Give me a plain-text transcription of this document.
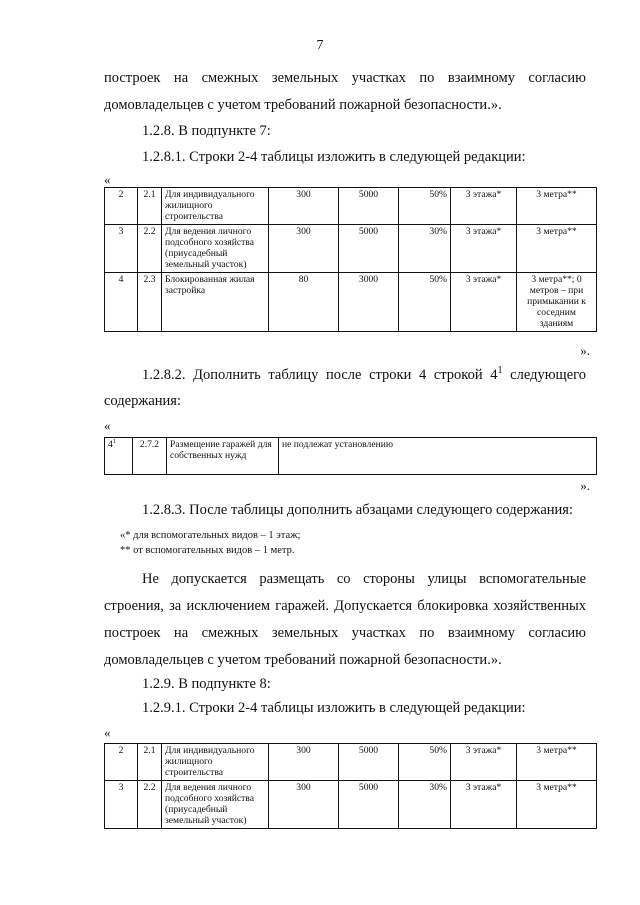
7
построек на смежных земельных участках по взаимному согласию
домовладельцев с учетом требований пожарной безопасности.».
1.2.8. В подпункте 7:
1.2.8.1. Строки 2-4 таблицы изложить в следующей редакции:
«
2	2.1	Для индивидуального жилищного строительства	300	5000	50%	3 этажа*	3 метра**
3	2.2	Для ведения личного подсобного хозяйства (приусадебный земельный участок)	300	5000	30%	3 этажа*	3 метра**
4	2.3	Блокированная жилая застройка	80	3000	50%	3 этажа*	3 метра**; 0 метров – при примыкании к соседним зданиям
».
1.2.8.2. Дополнить таблицу после строки 4 строкой $4^1$ следующего
содержания:
«
$4^1$	2.7.2	Размещение гаражей для собственных нужд	не подлежат установлению
».
1.2.8.3. После таблицы дополнить абзацами следующего содержания:
«* для вспомогательных видов – 1 этаж;
** от вспомогательных видов – 1 метр.
Не допускается размещать со стороны улицы вспомогательные
строения, за исключением гаражей. Допускается блокировка хозяйственных
построек на смежных земельных участках по взаимному согласию
домовладельцев с учетом требований пожарной безопасности.».
1.2.9. В подпункте 8:
1.2.9.1. Строки 2-4 таблицы изложить в следующей редакции:
«
2	2.1	Для индивидуального жилищного строительства	300	5000	50%	3 этажа*	3 метра**
3	2.2	Для ведения личного подсобного хозяйства (приусадебный земельный участок)	300	5000	30%	3 этажа*	3 метра**
